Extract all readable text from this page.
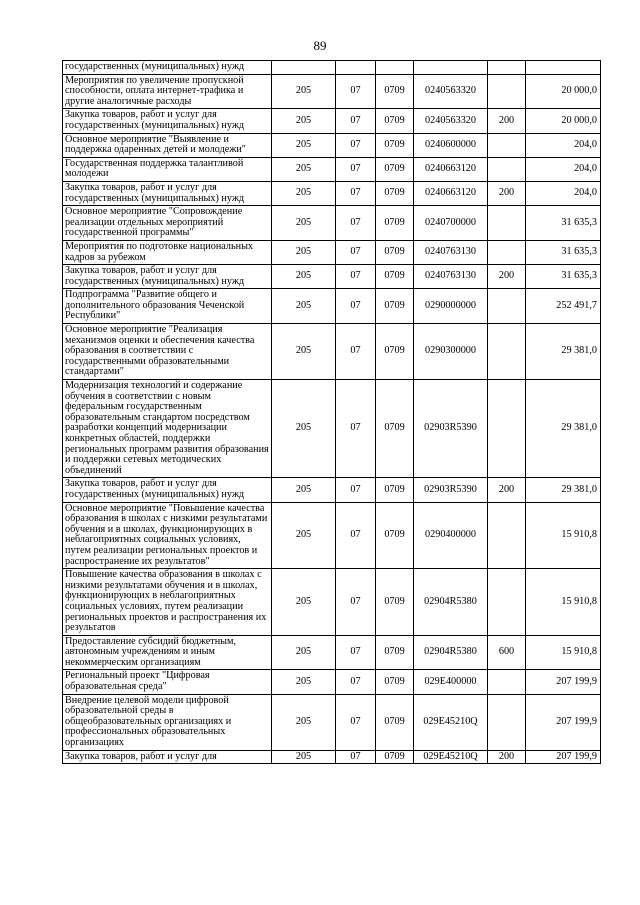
89
государственных (муниципальных) нужд						
Мероприятия по увеличение пропускной способности, оплата интернет-трафика и другие аналогичные расходы	205	07	0709	0240563320		20 000,0
Закупка товаров, работ и услуг для государственных (муниципальных) нужд	205	07	0709	0240563320	200	20 000,0
Основное мероприятие "Выявление и поддержка одаренных детей и молодежи"	205	07	0709	0240600000		204,0
Государственная поддержка талантливой молодежи	205	07	0709	0240663120		204,0
Закупка товаров, работ и услуг для государственных (муниципальных) нужд	205	07	0709	0240663120	200	204,0
Основное мероприятие "Сопровождение реализации отдельных мероприятий государственной программы"	205	07	0709	0240700000		31 635,3
Мероприятия по подготовке национальных кадров за рубежом	205	07	0709	0240763130		31 635,3
Закупка товаров, работ и услуг для государственных (муниципальных) нужд	205	07	0709	0240763130	200	31 635,3
Подпрограмма "Развитие общего и дополнительного образования Чеченской Республики"	205	07	0709	0290000000		252 491,7
Основное мероприятие "Реализация механизмов оценки и обеспечения качества образования в соответствии с государственными образовательными стандартами"	205	07	0709	0290300000		29 381,0
Модернизация технологий и содержание обучения в соответствии с новым федеральным государственным образовательным стандартом посредством разработки концепций модернизации конкретных областей, поддержки региональных программ развития образования и поддержки сетевых методических объединений	205	07	0709	02903R5390		29 381,0
Закупка товаров, работ и услуг для государственных (муниципальных) нужд	205	07	0709	02903R5390	200	29 381,0
Основное мероприятие "Повышение качества образования в школах с низкими результатами обучения и в школах, функционирующих в неблагоприятных социальных условиях, путем реализации региональных проектов и распространение их результатов"	205	07	0709	0290400000		15 910,8
Повышение качества образования в школах с низкими результатами обучения и в школах, функционирующих в неблагоприятных социальных условиях, путем реализации региональных проектов и распространения их результатов	205	07	0709	02904R5380		15 910,8
Предоставление субсидий бюджетным, автономным учреждениям и иным некоммерческим организациям	205	07	0709	02904R5380	600	15 910,8
Региональный проект "Цифровая образовательная среда"	205	07	0709	029E400000		207 199,9
Внедрение целевой модели цифровой образовательной среды в общеобразовательных организациях и профессиональных образовательных организациях	205	07	0709	029E45210Q		207 199,9
Закупка товаров, работ и услуг для	205	07	0709	029E45210Q	200	207 199,9
